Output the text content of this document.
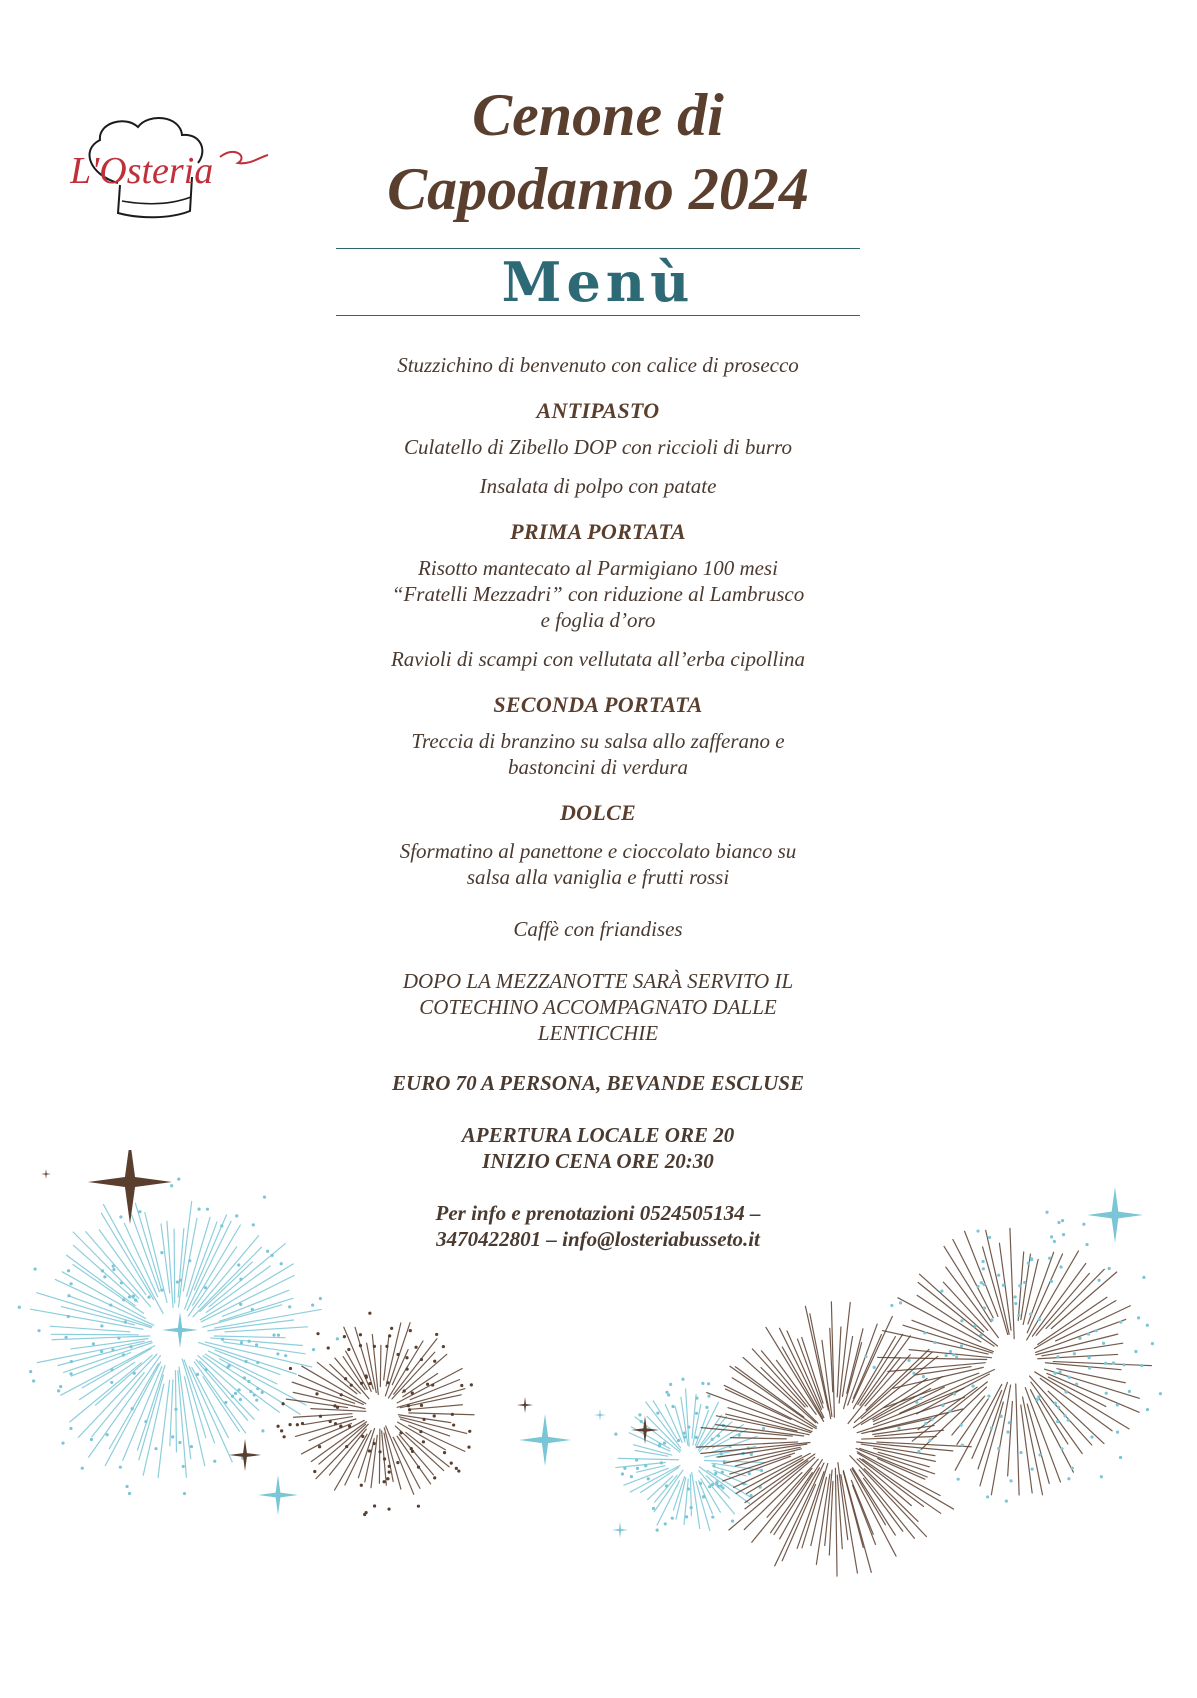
L'Osteria

Cenone di

Capodanno 2024

Menù

Stuzzichino di benvenuto con calice di prosecco

ANTIPASTO

Culatello di Zibello DOP con riccioli di burro

Insalata di polpo con patate

PRIMA PORTATA

Risotto mantecato al Parmigiano 100 mesi

“Fratelli Mezzadri” con riduzione al Lambrusco

e foglia d’oro

Ravioli di scampi con vellutata all’erba cipollina

SECONDA PORTATA

Treccia di branzino su salsa allo zafferano e

bastoncini di verdura

DOLCE

Sformatino al panettone e cioccolato bianco su

salsa alla vaniglia e frutti rossi

Caffè con friandises

DOPO LA MEZZANOTTE SARÀ SERVITO IL

COTECHINO ACCOMPAGNATO DALLE

LENTICCHIE

EURO 70 A PERSONA, BEVANDE ESCLUSE

APERTURA LOCALE ORE 20

INIZIO CENA ORE 20:30

Per info e prenotazioni 0524505134 –

3470422801 – info@losteriabusseto.it
